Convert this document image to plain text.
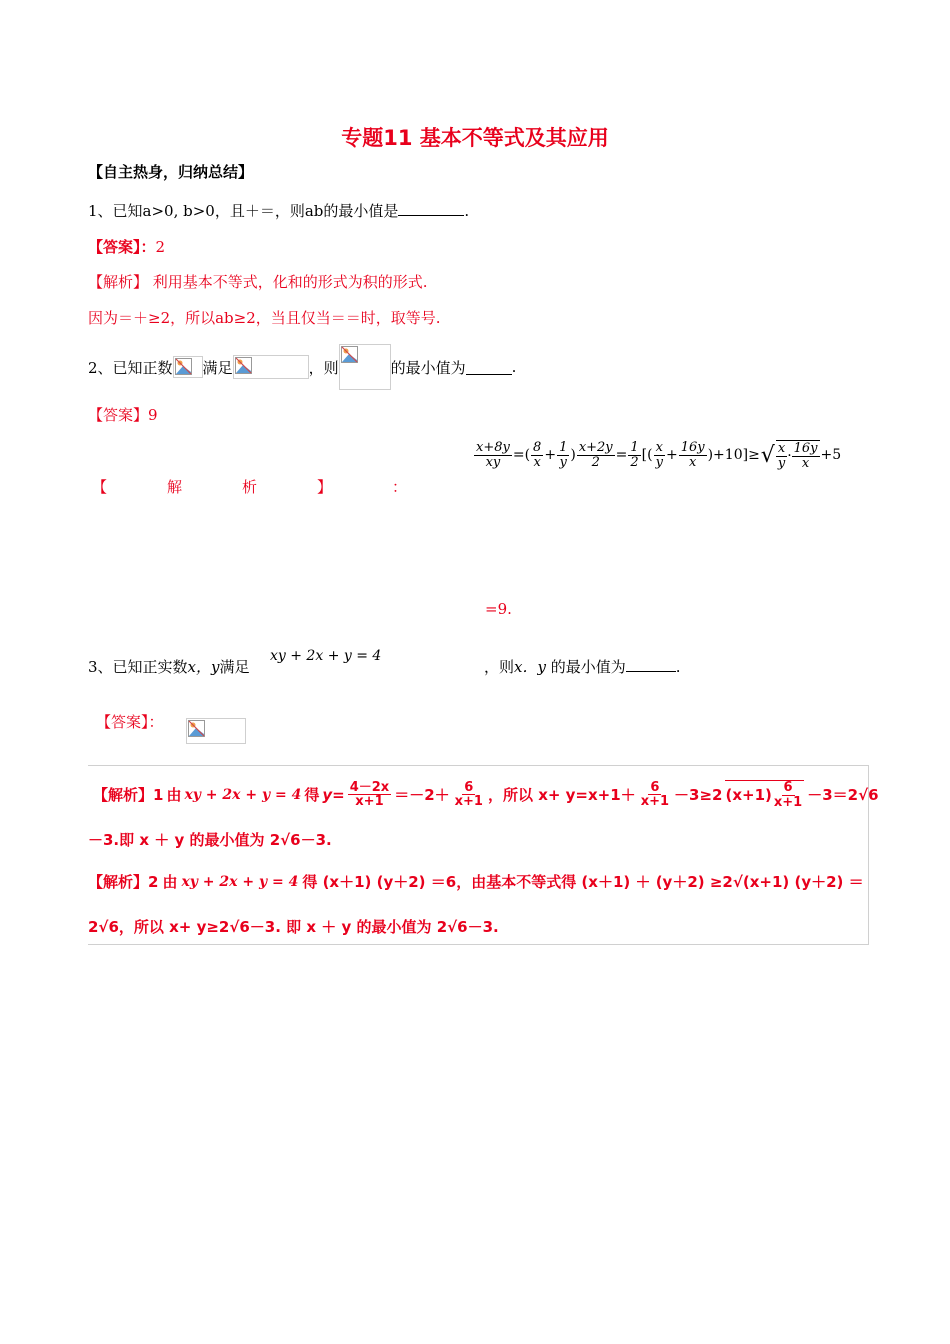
专题11 基本不等式及其应用
【自主热身，归纳总结】
1、已知a>0, b>0，且＋＝，则ab的最小值是	.
【答案】：2
【解析】 利用基本不等式，化和的形式为积的形式.
因为＝＋≥2，所以ab≥2，当且仅当＝＝时，取等号.
2、已知正数 满足	，则	的最小值为	.
【答案】9
【	解	析	】	：
$\frac{x+8y}{xy}$ =( $\frac{8}{x} + \frac{1}{y}$ ) $\frac{x+2y}{2} = \frac{1}{2}$ [( $\frac{x}{y} + \frac{16y}{x} )+10]\ge$ √ $\frac{x}{y} \cdot \frac{16y}{x} +5$
=9.
3、已知正实数x，y满足
xy + 2x + y = 4
，则x．y 的最小值为	.
【答案】：
【解析】1 由 xy + 2x + y = 4 得 $y= \frac{4-2x}{x+1} =-2+ \frac{6}{x+1}$ ，所以 $x+ y=x+1+ \frac{6}{x+1} -3\ge 2$ $(x+1) \frac{6}{x+1} -3=2√6$
－3.即 x ＋ y 的最小值为 2√6－3.
【解析】2 由 xy + 2x + y = 4 得 (x＋1) (y＋2) ＝6，由基本不等式得 (x＋1) ＋ (y＋2) ≥2√(x+1) (y＋2) ＝
2√6，所以 x+ y≥2√6－3. 即 x ＋ y 的最小值为 2√6－3.
